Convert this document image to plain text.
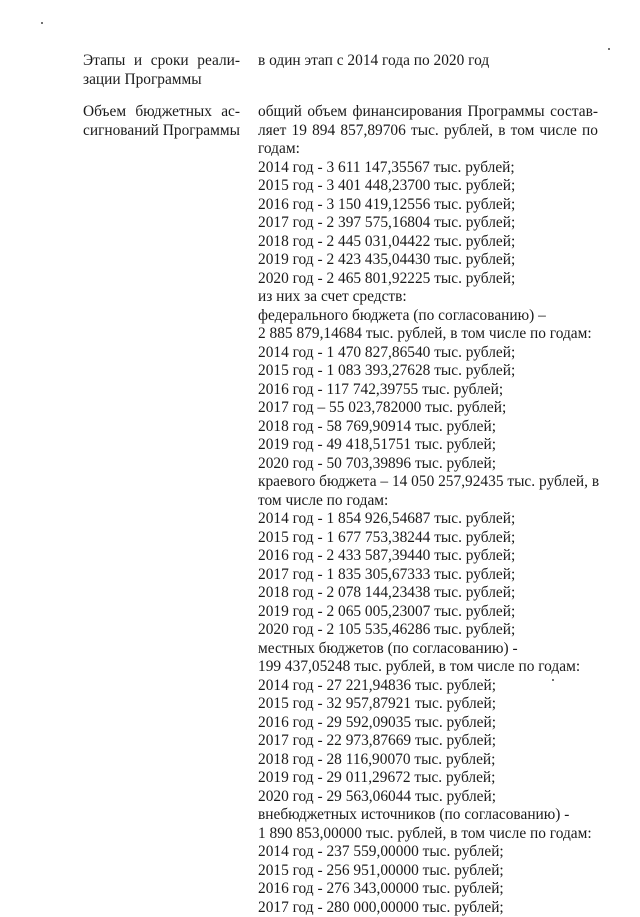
Этапы и сроки реали-
зации Программы
в один этап с 2014 года по 2020 год
Объем бюджетных ас-
сигнований Программы
общий объем финансирования Программы состав-
ляет 19 894 857,89706 тыс. рублей, в том числе по
годам:
2014 год - 3 611 147,35567 тыс. рублей;
2015 год - 3 401 448,23700 тыс. рублей;
2016 год - 3 150 419,12556 тыс. рублей;
2017 год - 2 397 575,16804 тыс. рублей;
2018 год - 2 445 031,04422 тыс. рублей;
2019 год - 2 423 435,04430 тыс. рублей;
2020 год - 2 465 801,92225 тыс. рублей;
из них за счет средств:
федерального бюджета (по согласованию) –
2 885 879,14684 тыс. рублей, в том числе по годам:
2014 год - 1 470 827,86540 тыс. рублей;
2015 год - 1 083 393,27628 тыс. рублей;
2016 год - 117 742,39755 тыс. рублей;
2017 год – 55 023,782000 тыс. рублей;
2018 год - 58 769,90914 тыс. рублей;
2019 год - 49 418,51751 тыс. рублей;
2020 год - 50 703,39896 тыс. рублей;
краевого бюджета – 14 050 257,92435 тыс. рублей, в
том числе по годам:
2014 год - 1 854 926,54687 тыс. рублей;
2015 год - 1 677 753,38244 тыс. рублей;
2016 год - 2 433 587,39440 тыс. рублей;
2017 год - 1 835 305,67333 тыс. рублей;
2018 год - 2 078 144,23438 тыс. рублей;
2019 год - 2 065 005,23007 тыс. рублей;
2020 год - 2 105 535,46286 тыс. рублей;
местных бюджетов (по согласованию) -
199 437,05248 тыс. рублей, в том числе по годам:
2014 год - 27 221,94836 тыс. рублей;
2015 год - 32 957,87921 тыс. рублей;
2016 год - 29 592,09035 тыс. рублей;
2017 год - 22 973,87669 тыс. рублей;
2018 год - 28 116,90070 тыс. рублей;
2019 год - 29 011,29672 тыс. рублей;
2020 год - 29 563,06044 тыс. рублей;
внебюджетных источников (по согласованию) -
1 890 853,00000 тыс. рублей, в том числе по годам:
2014 год - 237 559,00000 тыс. рублей;
2015 год - 256 951,00000 тыс. рублей;
2016 год - 276 343,00000 тыс. рублей;
2017 год - 280 000,00000 тыс. рублей;
